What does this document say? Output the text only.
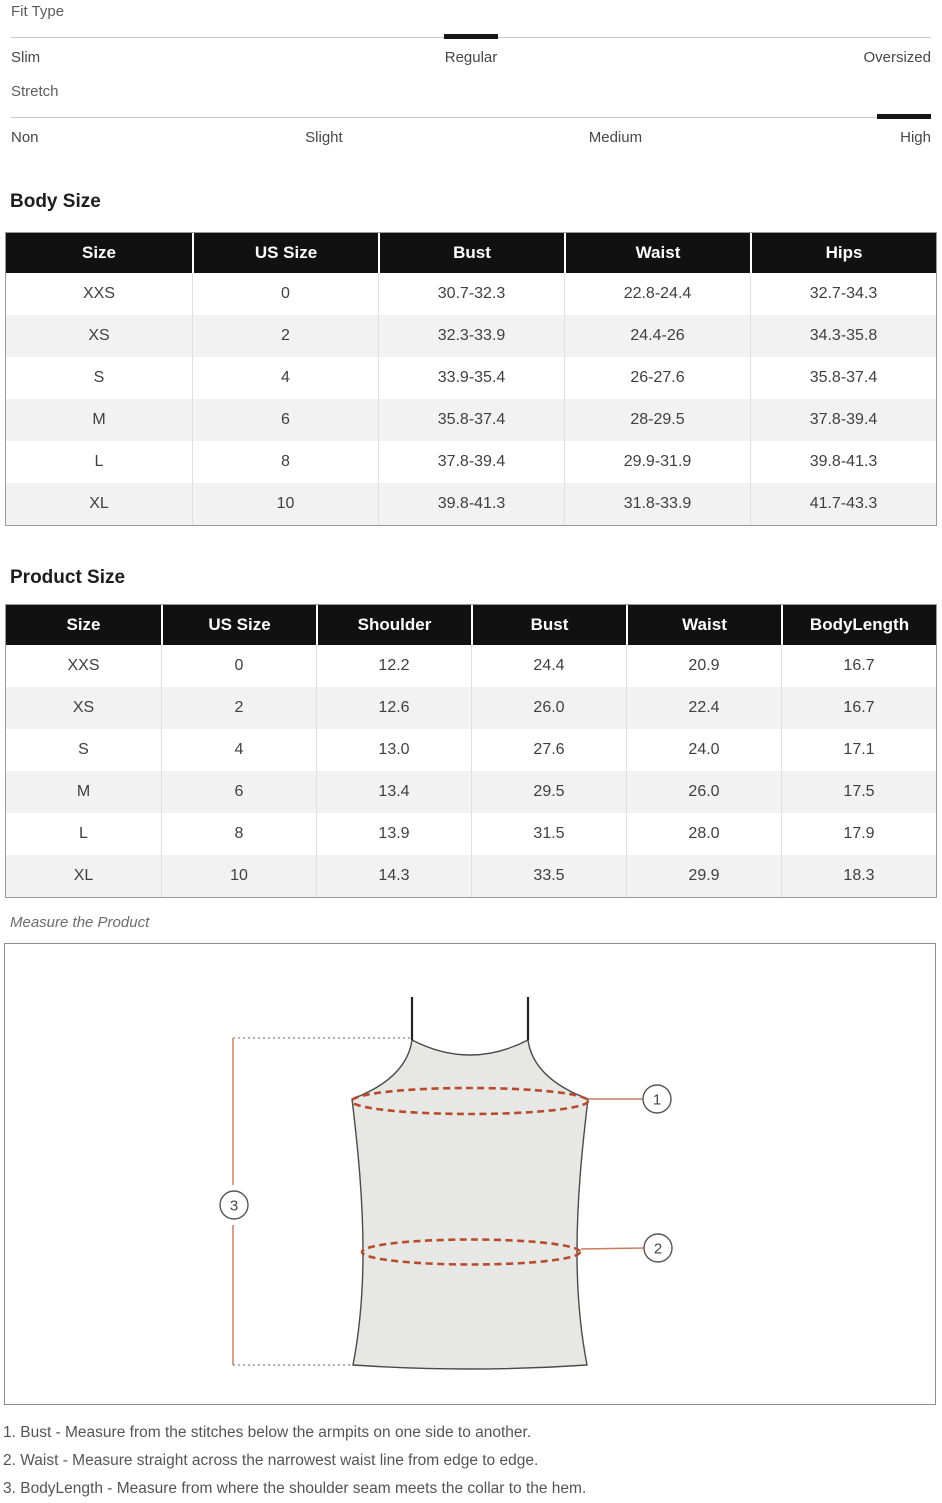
Fit Type
Slim	Regular	Oversized
Stretch
Non	Slight	Medium	High
Body Size
Size	US Size	Bust	Waist	Hips
XXS	0	30.7-32.3	22.8-24.4	32.7-34.3
XS	2	32.3-33.9	24.4-26	34.3-35.8
S	4	33.9-35.4	26-27.6	35.8-37.4
M	6	35.8-37.4	28-29.5	37.8-39.4
L	8	37.8-39.4	29.9-31.9	39.8-41.3
XL	10	39.8-41.3	31.8-33.9	41.7-43.3
Product Size
Size	US Size	Shoulder	Bust	Waist	BodyLength
XXS	0	12.2	24.4	20.9	16.7
XS	2	12.6	26.0	22.4	16.7
S	4	13.0	27.6	24.0	17.1
M	6	13.4	29.5	26.0	17.5
L	8	13.9	31.5	28.0	17.9
XL	10	14.3	33.5	29.9	18.3
Measure the Product
1
2
3
1. Bust - Measure from the stitches below the armpits on one side to another.
2. Waist - Measure straight across the narrowest waist line from edge to edge.
3. BodyLength - Measure from where the shoulder seam meets the collar to the hem.
